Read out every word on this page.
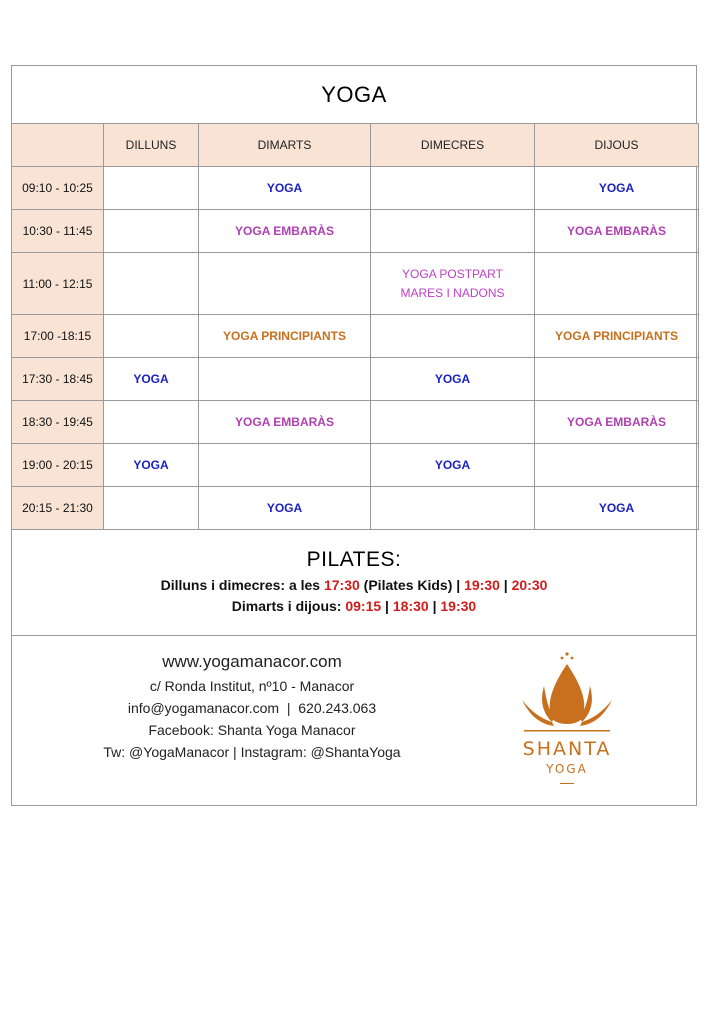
YOGA
	DILLUNS	DIMARTS	DIMECRES	DIJOUS
09:10 - 10:25		YOGA		YOGA
10:30 - 11:45		YOGA EMBARÀS		YOGA EMBARÀS
11:00 - 12:15			YOGA POSTPART MARES I NADONS	

17:00 -18:15		YOGA PRINCIPIANTS		YOGA PRINCIPIANTS
17:30 - 18:45	YOGA		YOGA	
18:30 - 19:45		YOGA EMBARÀS		YOGA EMBARÀS
19:00 - 20:15	YOGA		YOGA	
20:15 - 21:30		YOGA		YOGA
PILATES:
Dilluns i dimecres: a les 17:30 (Pilates Kids) | 19:30 | 20:30
Dimarts i dijous: 09:15 | 18:30 | 19:30
www.yogamanacor.com
c/ Ronda Institut, nº10 - Manacor
info@yogamanacor.com  |  620.243.063
Facebook: Shanta Yoga Manacor
Tw: @YogaManacor | Instagram: @ShantaYoga	SHANTA
YOGA
